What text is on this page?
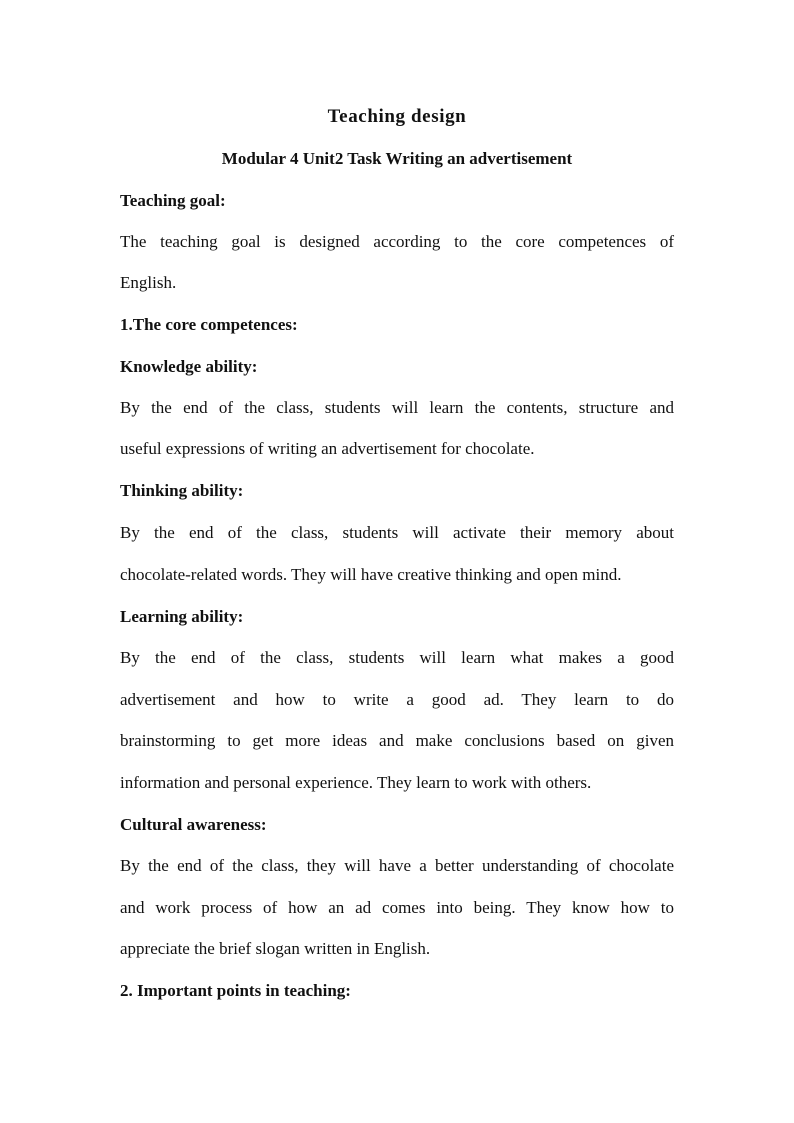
Teaching design
Modular 4 Unit2 Task Writing an advertisement
Teaching goal:
The teaching goal is designed according to the core competences of
English.
1.The core competences:
Knowledge ability:
By the end of the class, students will learn the contents, structure and
useful expressions of writing an advertisement for chocolate.
Thinking ability:
By the end of the class, students will activate their memory about
chocolate-related words. They will have creative thinking and open mind.
Learning ability:
By the end of the class, students will learn what makes a good
advertisement and how to write a good ad. They learn to do
brainstorming to get more ideas and make conclusions based on given
information and personal experience. They learn to work with others.
Cultural awareness:
By the end of the class, they will have a better understanding of chocolate
and work process of how an ad comes into being. They know how to
appreciate the brief slogan written in English.
2. Important points in teaching:
